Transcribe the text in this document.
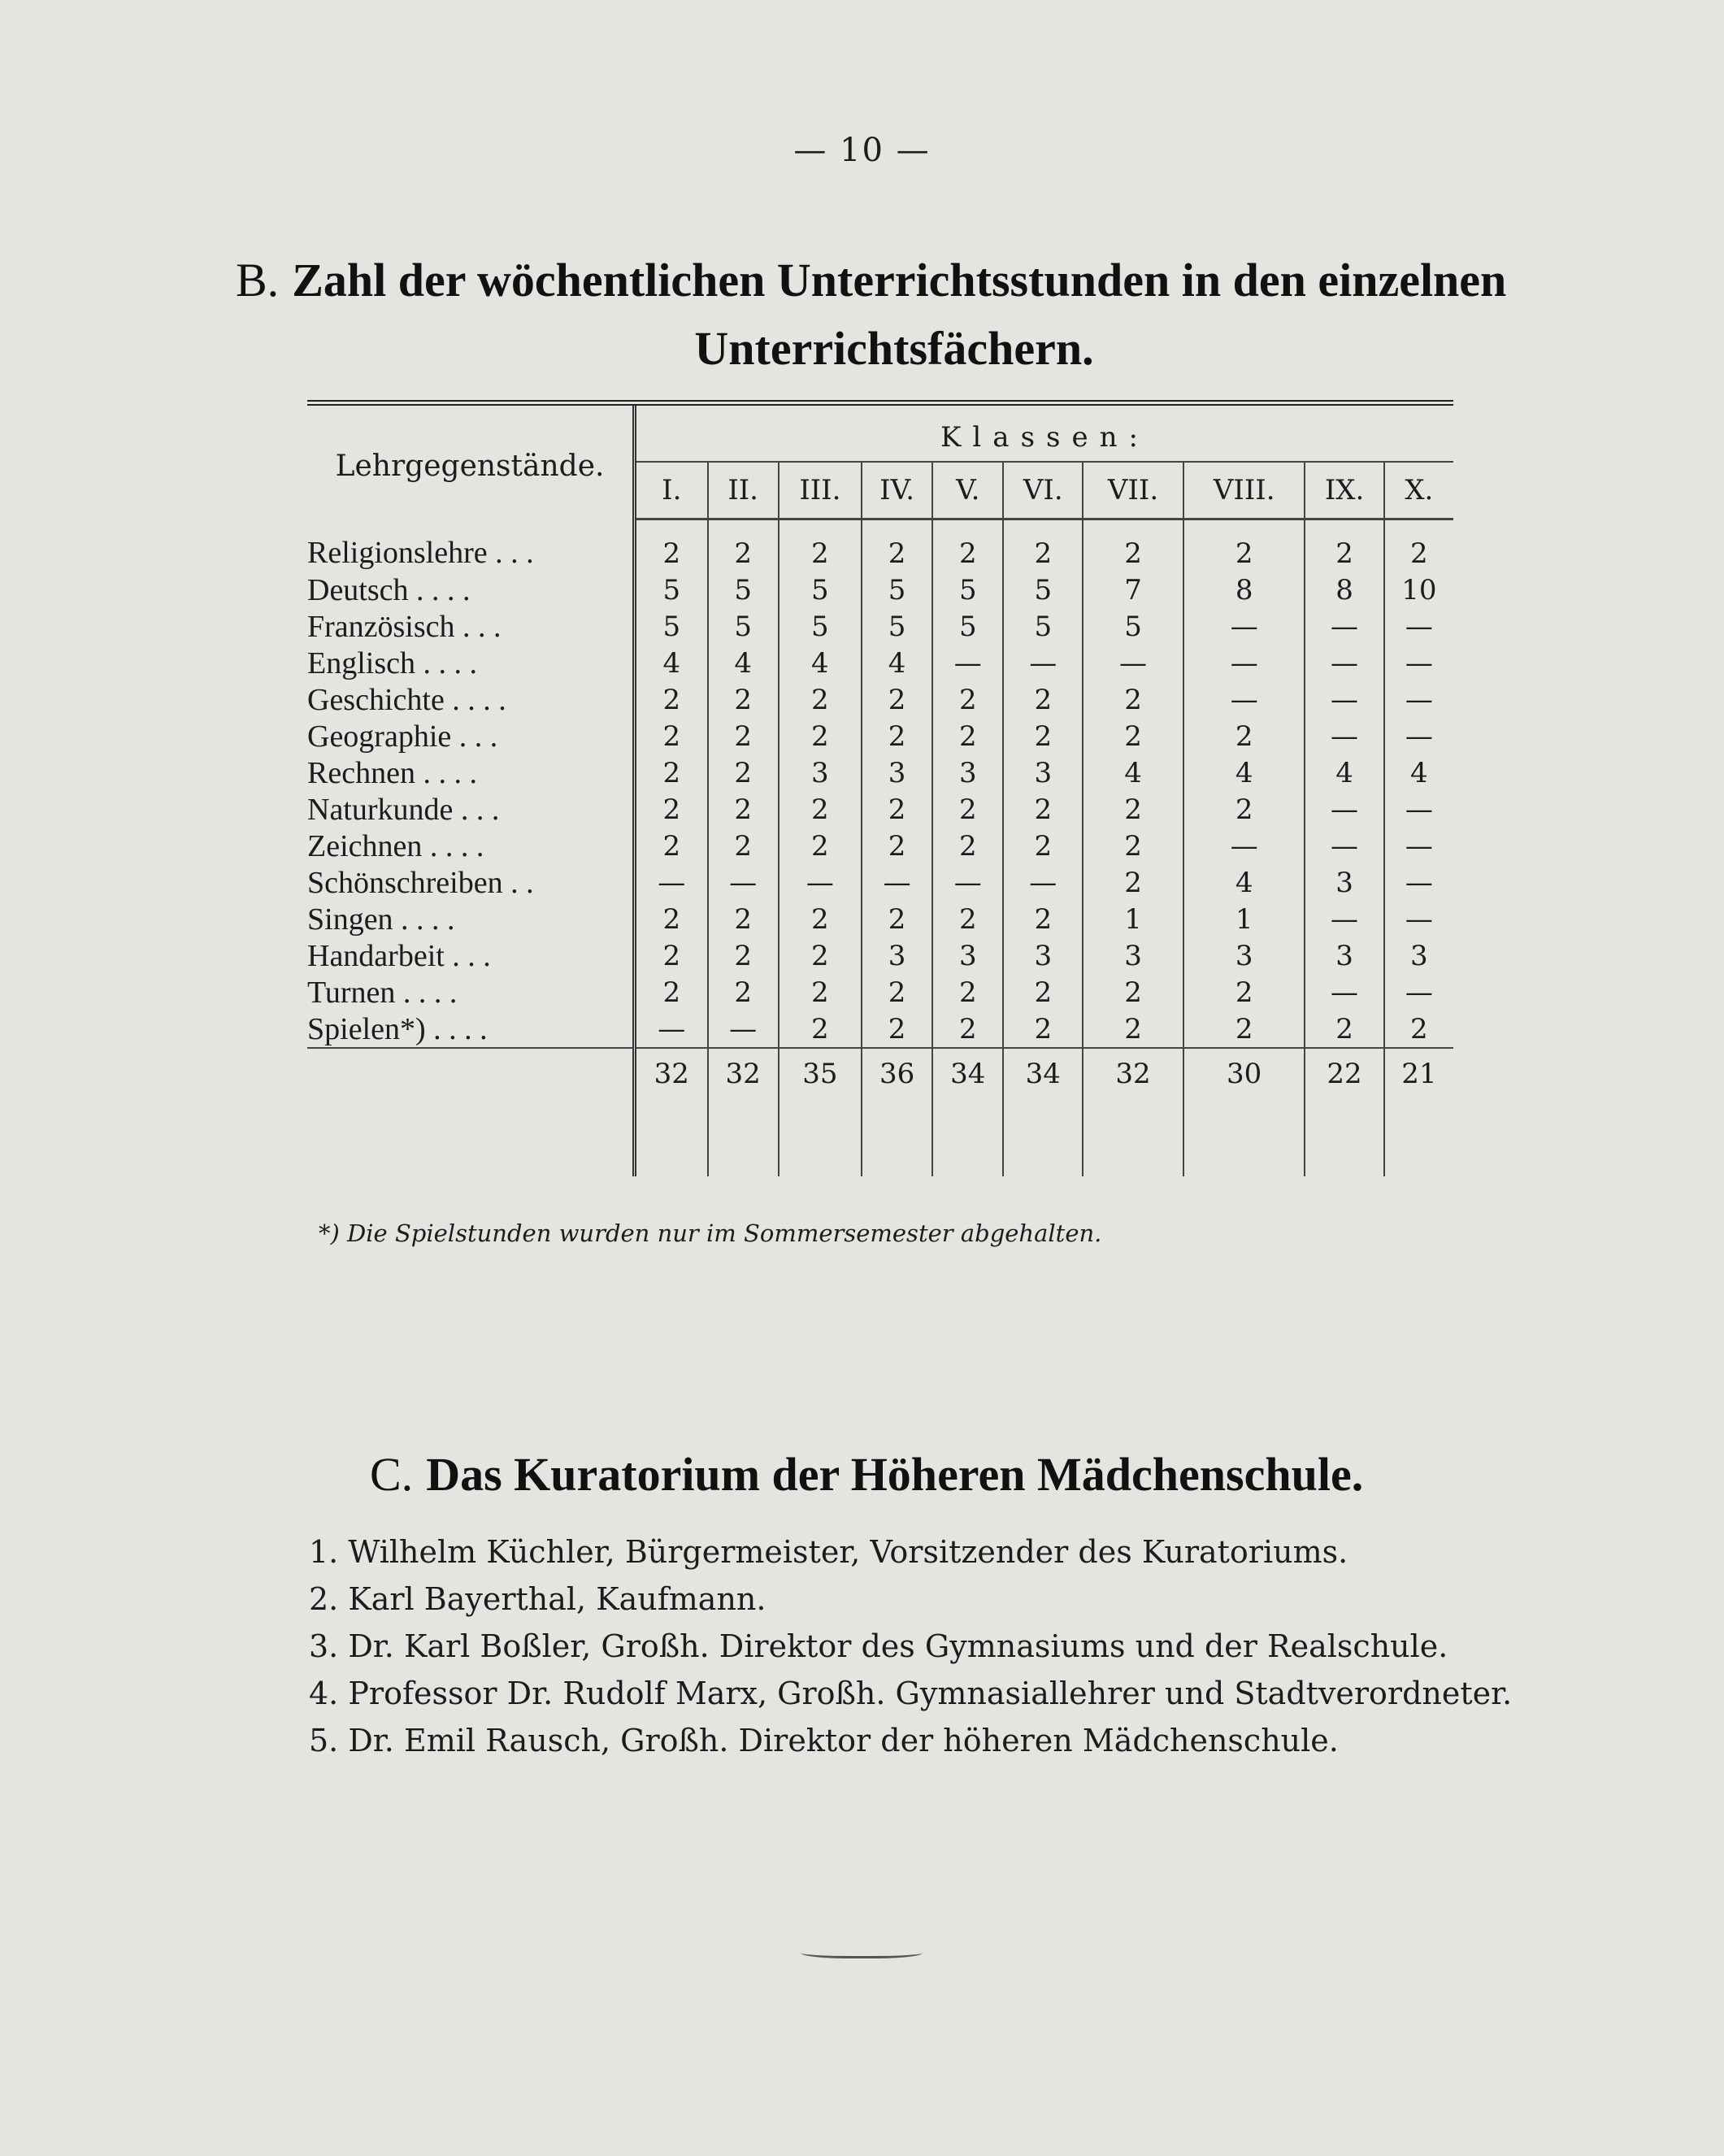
— 10 —
B. Zahl der wöchentlichen Unterrichtsstunden in den einzelnen
Unterrichtsfächern.
Lehrgegenstände.	Klassen:									
	I.	II.	III.	IV.	V.	VI.	VII.	VIII.	IX.	X.
Religionslehre . . .	2	2	2	2	2	2	2	2	2	2
Deutsch . . . .	5	5	5	5	5	5	7	8	8	10
Französisch . . .	5	5	5	5	5	5	5	—	—	—
Englisch . . . .	4	4	4	4	—	—	—	—	—	—
Geschichte . . . .	2	2	2	2	2	2	2	—	—	—
Geographie . . .	2	2	2	2	2	2	2	2	—	—
Rechnen . . . .	2	2	3	3	3	3	4	4	4	4
Naturkunde . . .	2	2	2	2	2	2	2	2	—	—
Zeichnen . . . .	2	2	2	2	2	2	2	—	—	—
Schönschreiben . .	—	—	—	—	—	—	2	4	3	—
Singen . . . .	2	2	2	2	2	2	1	1	—	—
Handarbeit . . .	2	2	2	3	3	3	3	3	3	3
Turnen . . . .	2	2	2	2	2	2	2	2	—	—
Spielen*) . . . .	—	—	2	2	2	2	2	2	2	2
	32	32	35	36	34	34	32	30	22	21

*) Die Spielstunden wurden nur im Sommersemester abgehalten.
C. Das Kuratorium der Höheren Mädchenschule.
1. Wilhelm Küchler, Bürgermeister, Vorsitzender des Kuratoriums.
2. Karl Bayerthal, Kaufmann.
3. Dr. Karl Boßler, Großh. Direktor des Gymnasiums und der Realschule.
4. Professor Dr. Rudolf Marx, Großh. Gymnasiallehrer und Stadtverordneter.
5. Dr. Emil Rausch, Großh. Direktor der höheren Mädchenschule.
